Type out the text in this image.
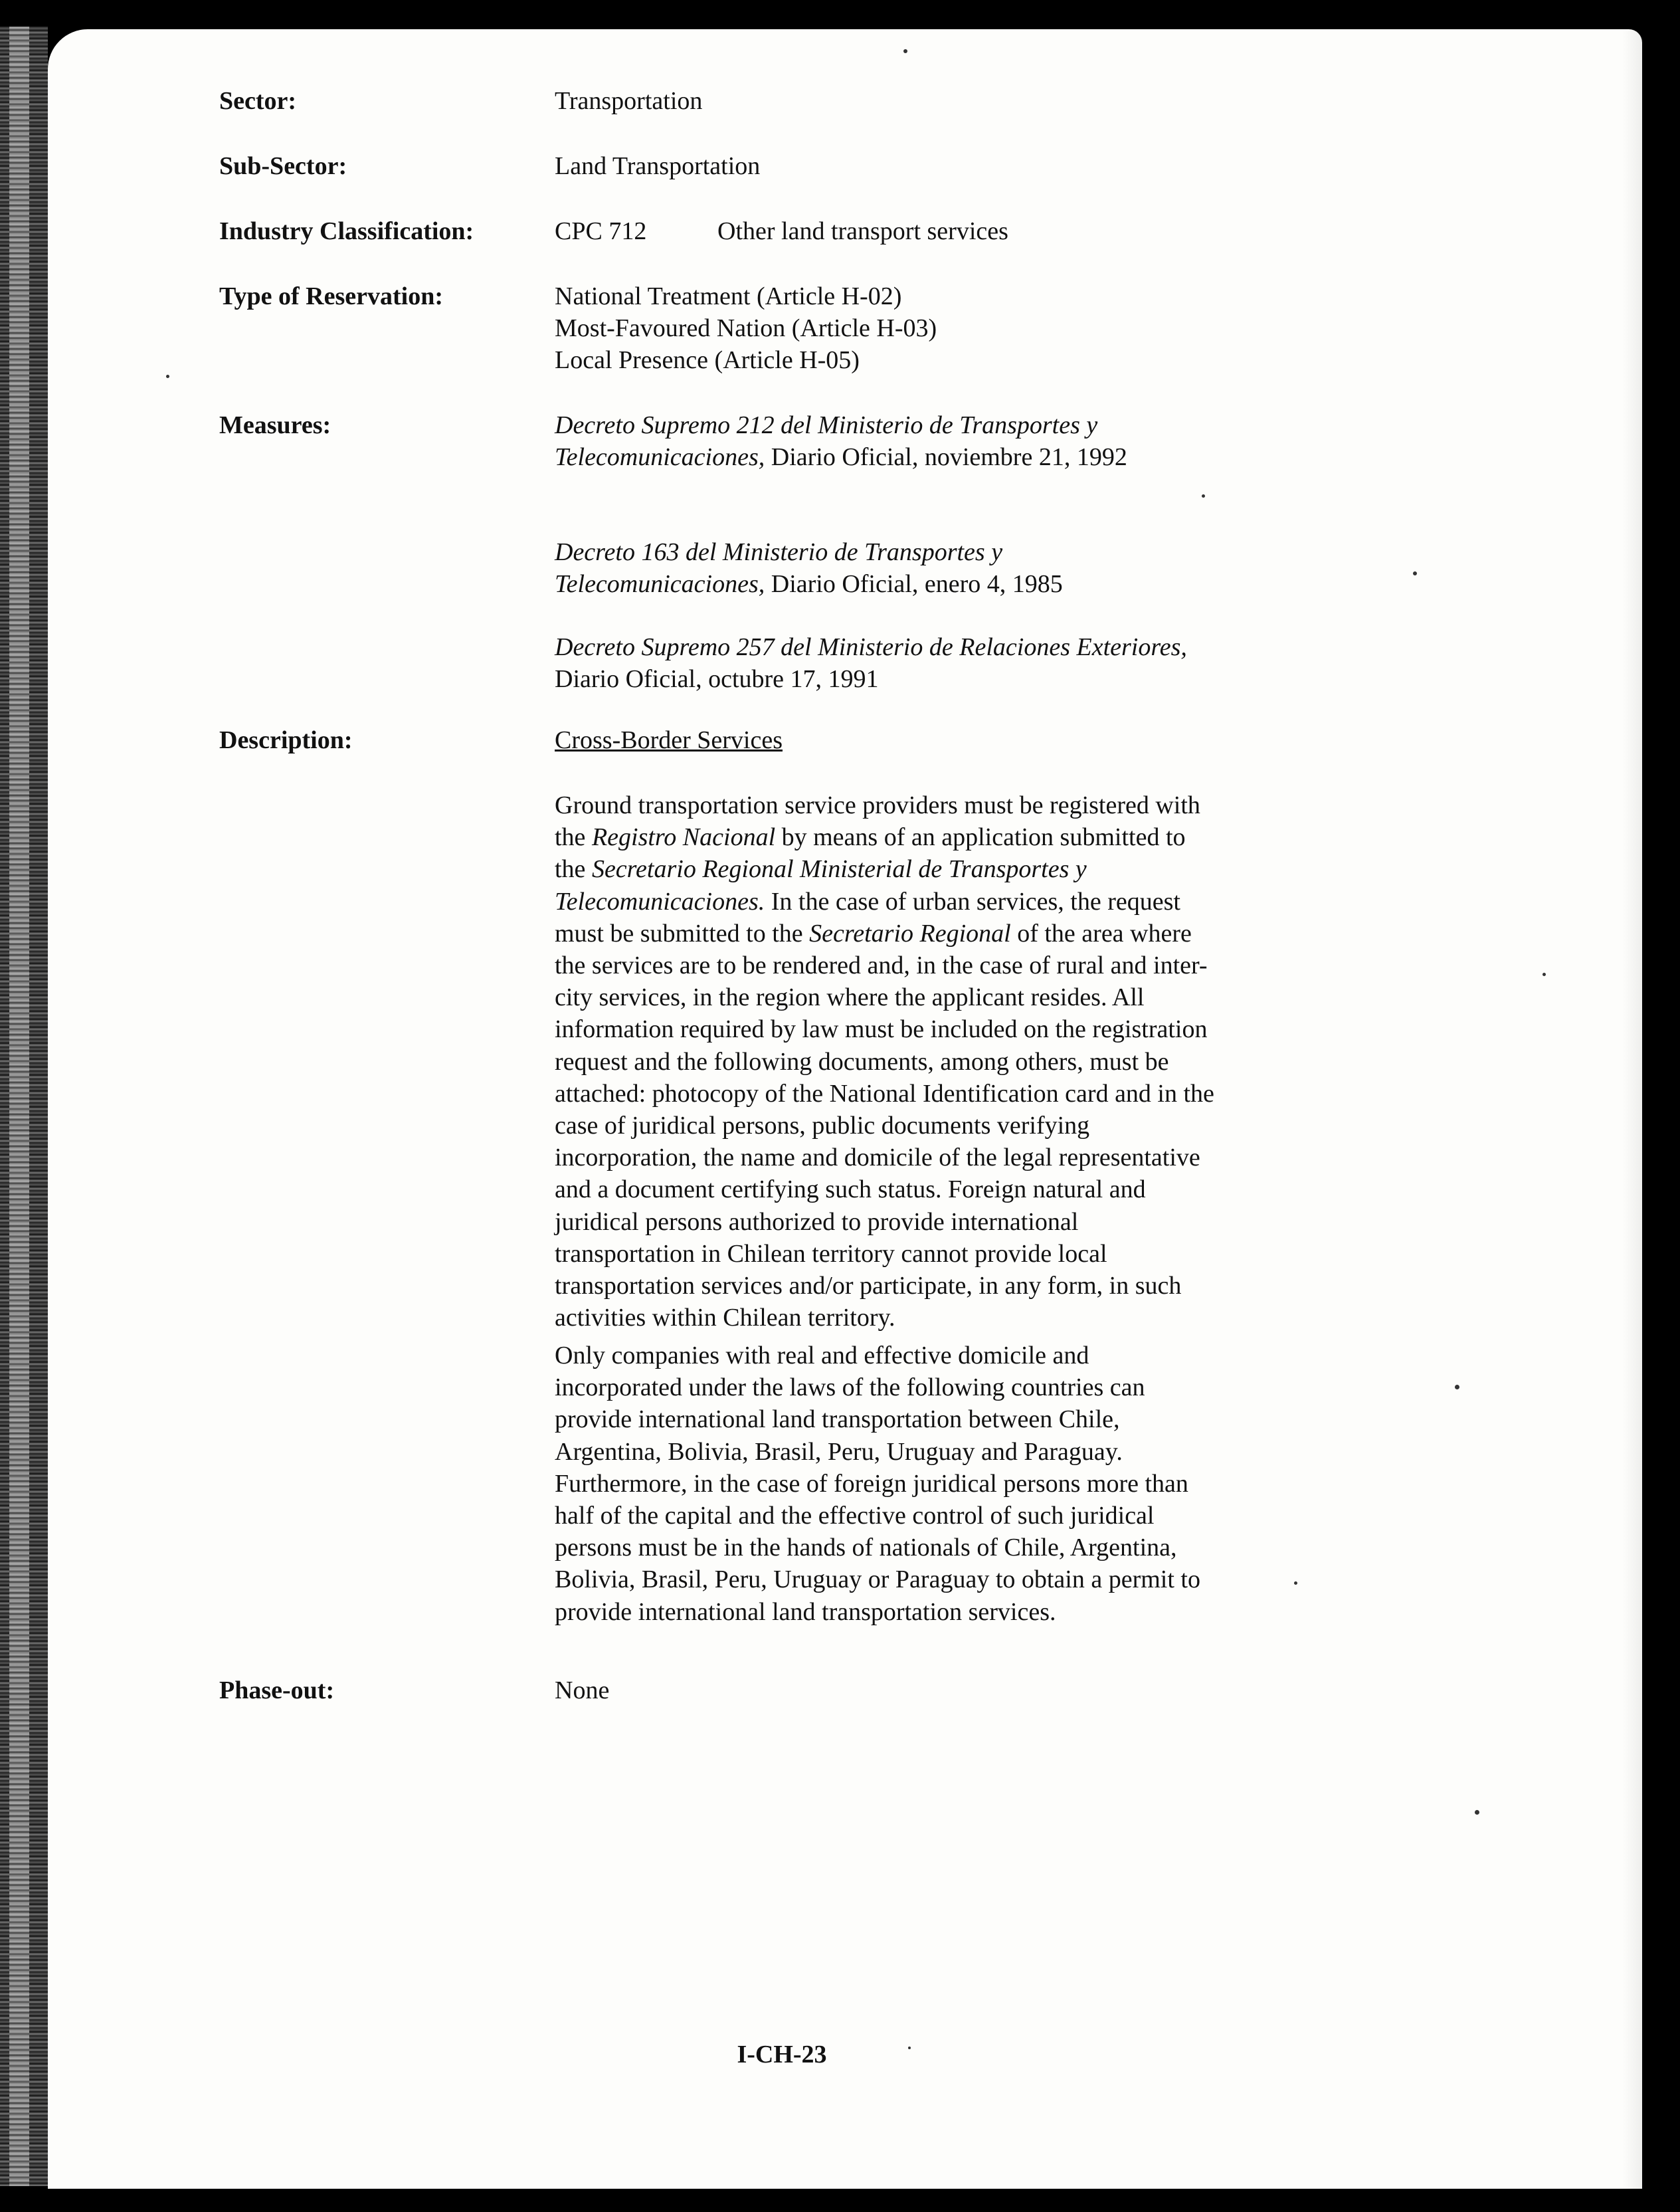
Sector:	Transportation
Sub-Sector:	Land Transportation
Industry Classification:	CPC 712	Other land transport services
Type of Reservation:	National Treatment (Article H-02)
Most-Favoured Nation (Article H-03)
Local Presence (Article H-05)
Measures:	Decreto Supremo 212 del Ministerio de Transportes y
Telecomunicaciones, Diario Oficial, noviembre 21, 1992
Decreto 163 del Ministerio de Transportes y
Telecomunicaciones, Diario Oficial, enero 4, 1985
Decreto Supremo 257 del Ministerio de Relaciones Exteriores,
Diario Oficial, octubre 17, 1991
Description:	Cross-Border Services
Ground transportation service providers must be registered with
the Registro Nacional by means of an application submitted to
the Secretario Regional Ministerial de Transportes y
Telecomunicaciones. In the case of urban services, the request
must be submitted to the Secretario Regional of the area where
the services are to be rendered and, in the case of rural and inter-
city services, in the region where the applicant resides. All
information required by law must be included on the registration
request and the following documents, among others, must be
attached: photocopy of the National Identification card and in the
case of juridical persons, public documents verifying
incorporation, the name and domicile of the legal representative
and a document certifying such status. Foreign natural and
juridical persons authorized to provide international
transportation in Chilean territory cannot provide local
transportation services and/or participate, in any form, in such
activities within Chilean territory.
Only companies with real and effective domicile and
incorporated under the laws of the following countries can
provide international land transportation between Chile,
Argentina, Bolivia, Brasil, Peru, Uruguay and Paraguay.
Furthermore, in the case of foreign juridical persons more than
half of the capital and the effective control of such juridical
persons must be in the hands of nationals of Chile, Argentina,
Bolivia, Brasil, Peru, Uruguay or Paraguay to obtain a permit to
provide international land transportation services.
Phase-out:	None
I-CH-23
